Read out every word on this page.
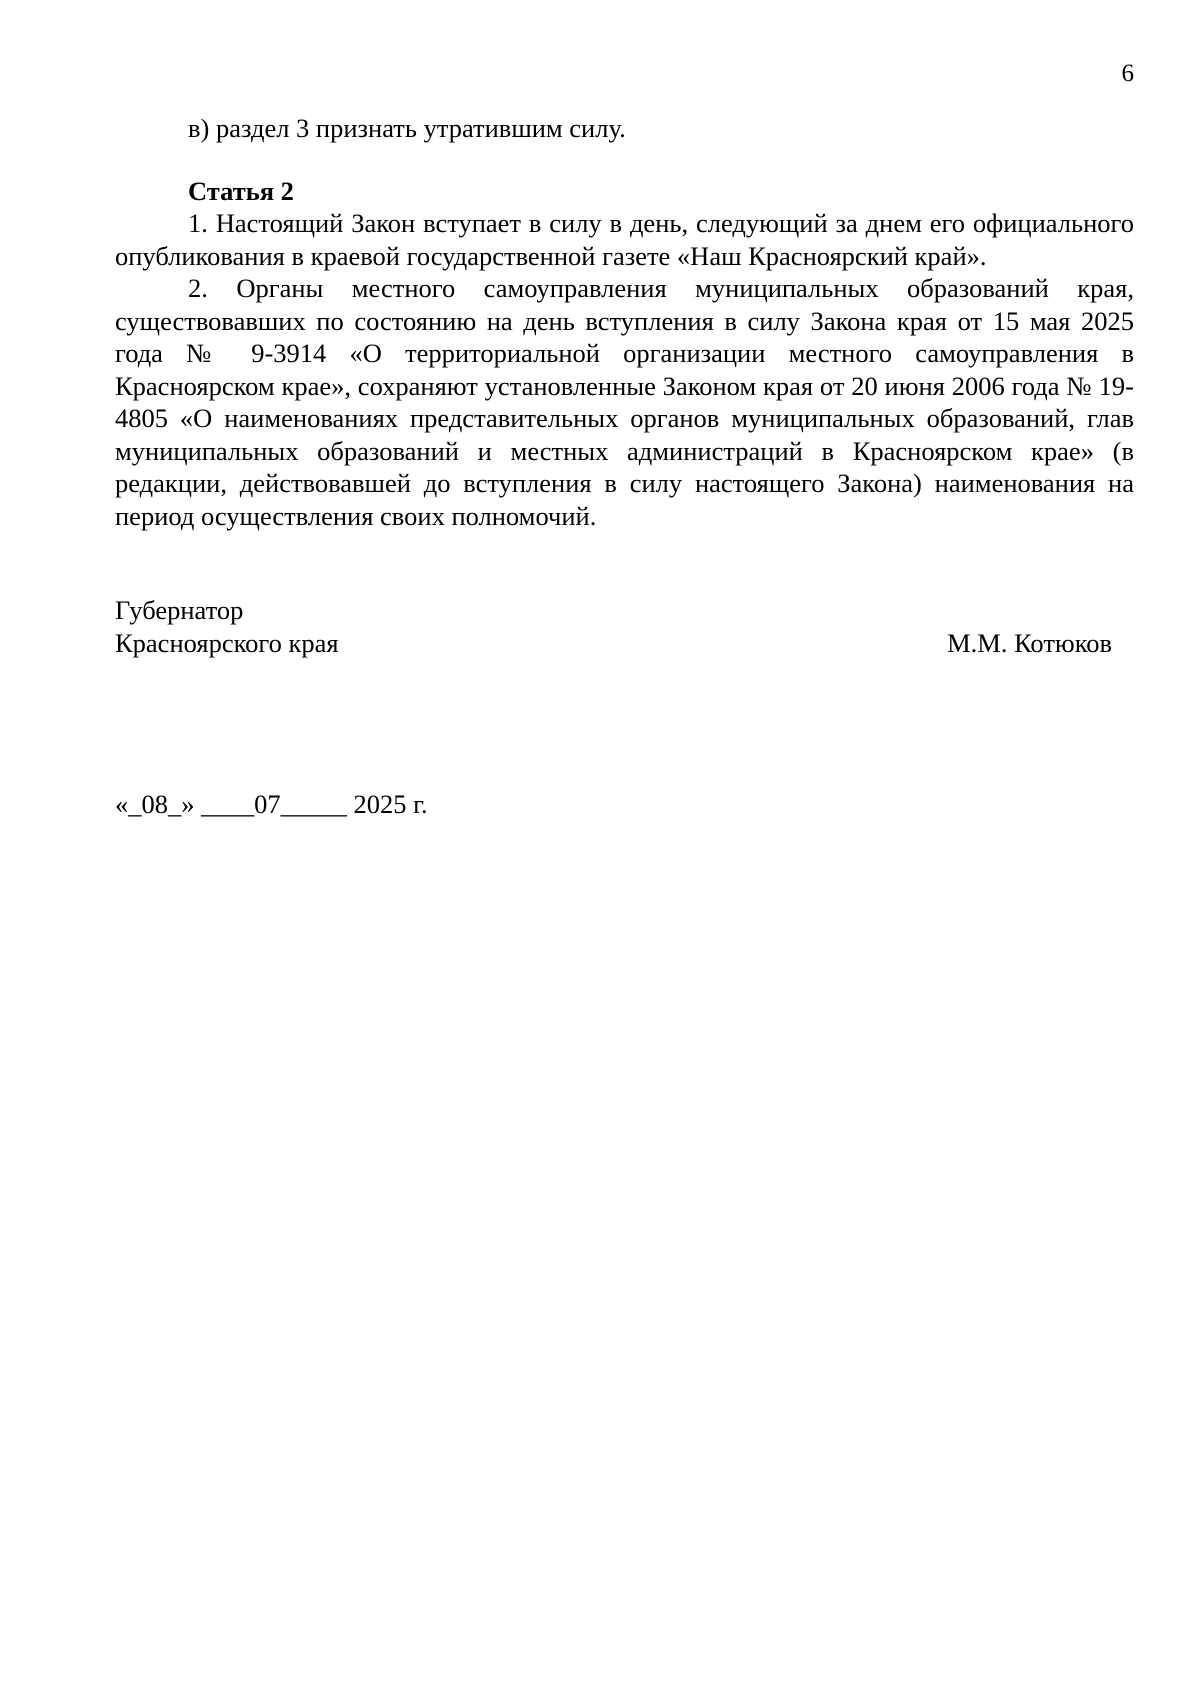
6

в) раздел 3 признать утратившим силу.

Статья 2

1. Настоящий Закон вступает в силу в день, следующий за днем его официального опубликования в краевой государственной газете «Наш Красноярский край».

2. Органы местного самоуправления муниципальных образований края, существовавших по состоянию на день вступления в силу Закона края от 15 мая 2025 года № 9-3914 «О территориальной организации местного самоуправления в Красноярском крае», сохраняют установленные Законом края от 20 июня 2006 года № 19-4805 «О наименованиях представительных органов муниципальных образований, глав муниципальных образований и местных администраций в Красноярском крае» (в редакции, действовавшей до вступления в силу настоящего Закона) наименования на период осуществления своих полномочий.

Губернатор
Красноярского края	М.М. Котюков

«_08_» ____07_____ 2025 г.
